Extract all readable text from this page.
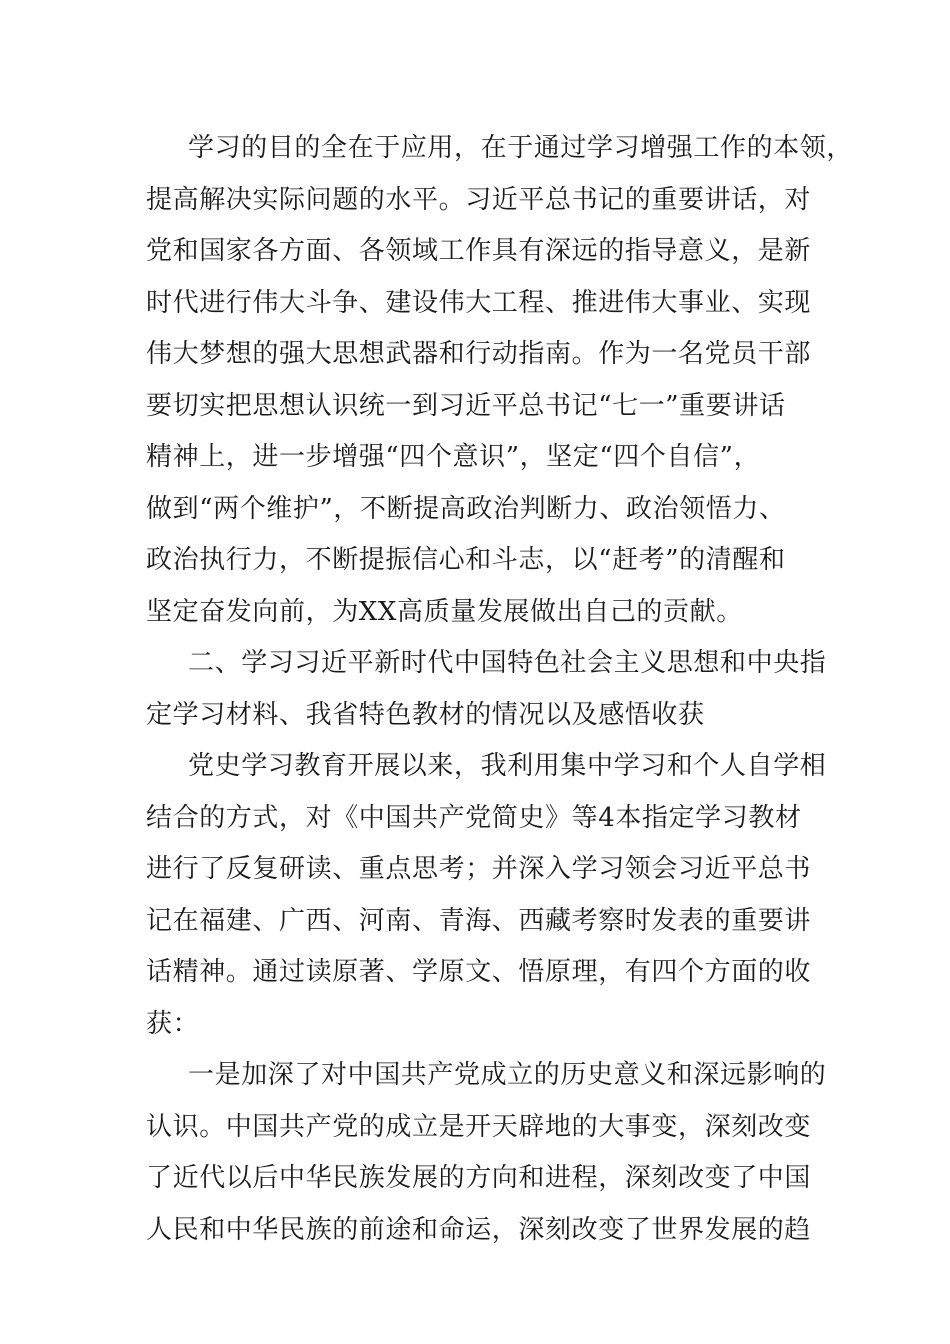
学习的目的全在于应用，在于通过学习增强工作的本领，
提高解决实际问题的水平。习近平总书记的重要讲话，对
党和国家各方面、各领域工作具有深远的指导意义，是新
时代进行伟大斗争、建设伟大工程、推进伟大事业、实现
伟大梦想的强大思想武器和行动指南。作为一名党员干部
要切实把思想认识统一到习近平总书记“七一”重要讲话
精神上，进一步增强“四个意识”，坚定“四个自信”，
做到“两个维护”，不断提高政治判断力、政治领悟力、
政治执行力，不断提振信心和斗志，以“赶考”的清醒和
坚定奋发向前，为XX高质量发展做出自己的贡献。
二、学习习近平新时代中国特色社会主义思想和中央指
定学习材料、我省特色教材的情况以及感悟收获
党史学习教育开展以来，我利用集中学习和个人自学相
结合的方式，对《中国共产党简史》等4本指定学习教材
进行了反复研读、重点思考；并深入学习领会习近平总书
记在福建、广西、河南、青海、西藏考察时发表的重要讲
话精神。通过读原著、学原文、悟原理，有四个方面的收
获：
一是加深了对中国共产党成立的历史意义和深远影响的
认识。中国共产党的成立是开天辟地的大事变，深刻改变
了近代以后中华民族发展的方向和进程，深刻改变了中国
人民和中华民族的前途和命运，深刻改变了世界发展的趋
